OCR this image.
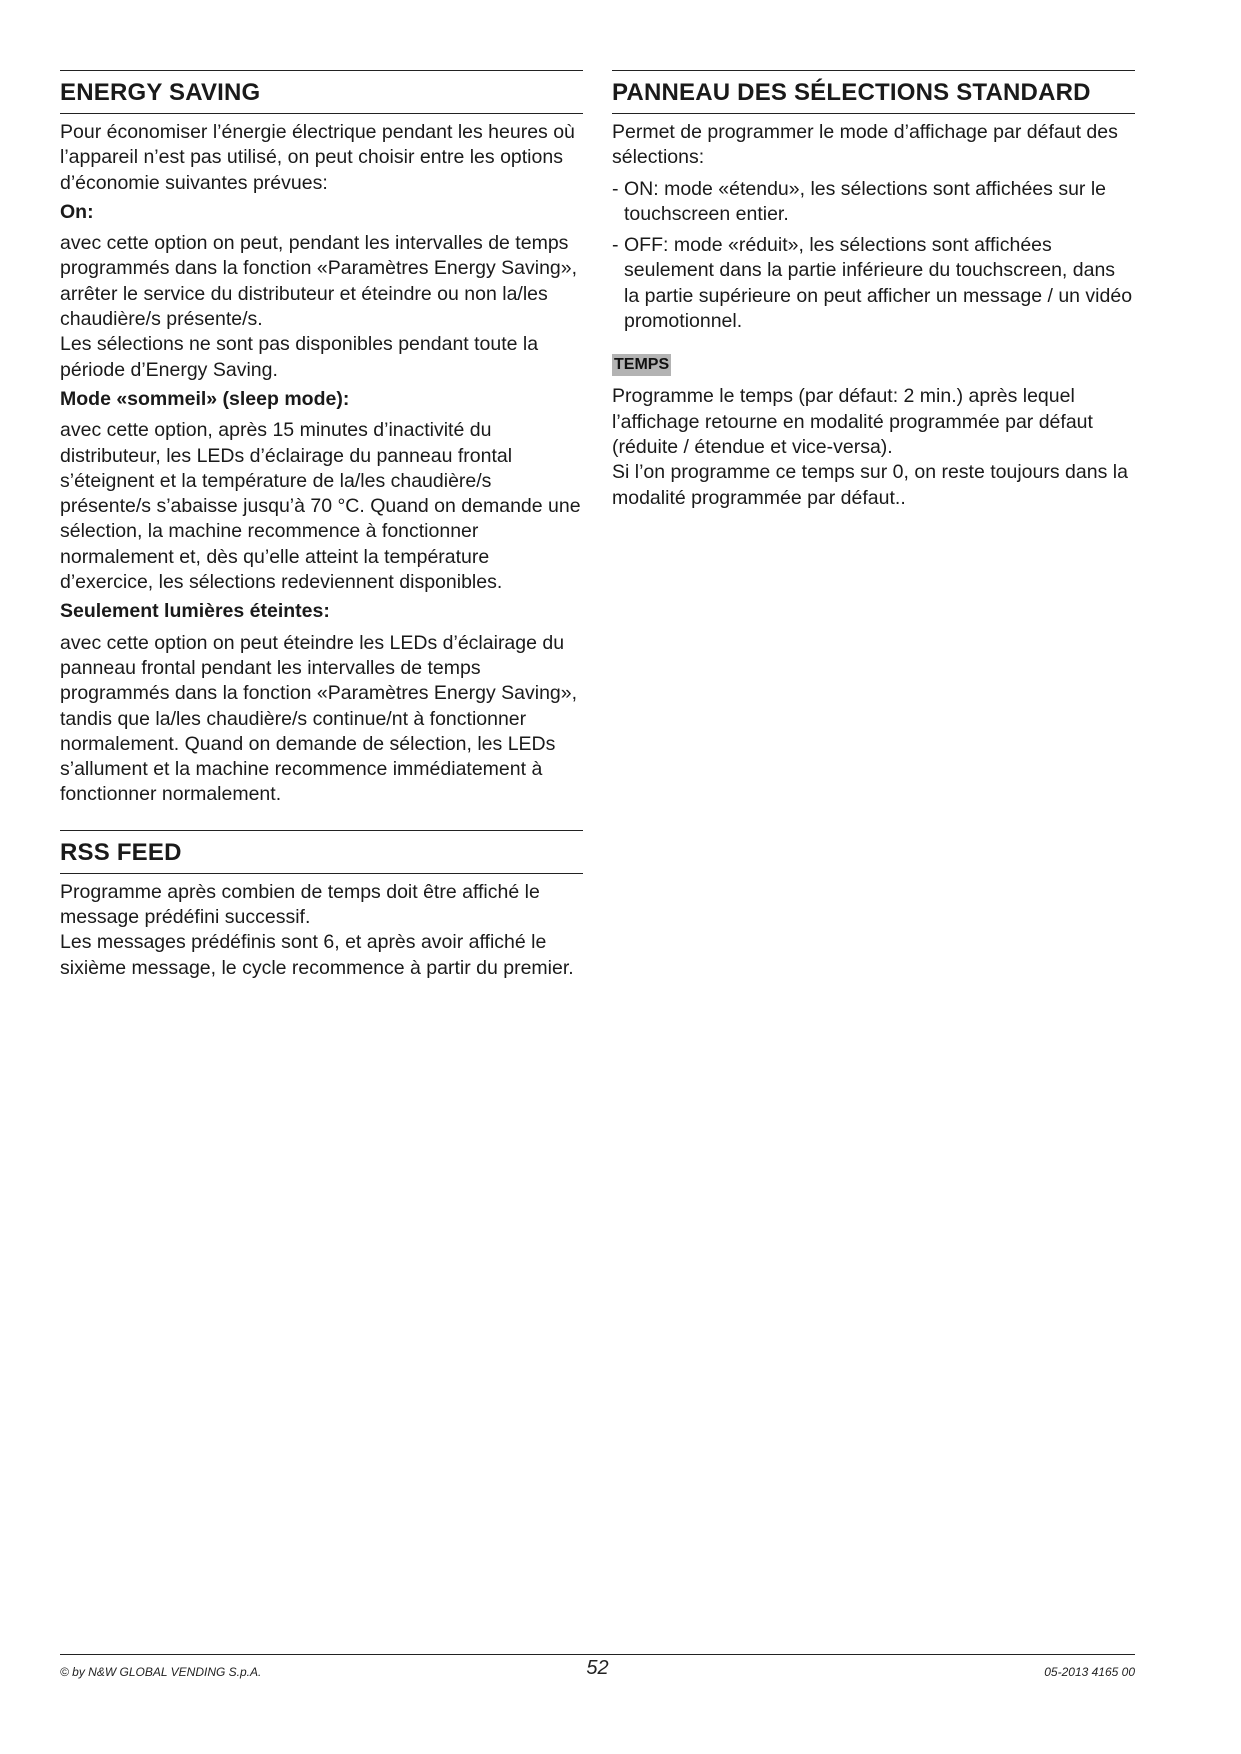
ENERGY SAVING

Pour économiser l’énergie électrique pendant les heures où l’appareil n’est pas utilisé, on peut choisir entre les options d’économie suivantes prévues:

On:

avec cette option on peut, pendant les intervalles de temps programmés dans la fonction «Paramètres Energy Saving», arrêter le service du distributeur et éteindre ou non la/les chaudière/s présente/s.

Les sélections ne sont pas disponibles pendant toute la période d’Energy Saving.

Mode «sommeil» (sleep mode):

avec cette option, après 15 minutes d’inactivité du distributeur, les LEDs d’éclairage du panneau frontal s’éteignent et la température de la/les chaudière/s présente/s s’abaisse jusqu’à 70 °C. Quand on demande une sélection, la machine recommence à fonctionner normalement et, dès qu’elle atteint la température d’exercice, les sélections redeviennent disponibles.

Seulement lumières éteintes:

avec cette option on peut éteindre les LEDs d’éclairage du panneau frontal pendant les intervalles de temps programmés dans la fonction «Paramètres Energy Saving», tandis que la/les chaudière/s continue/nt à fonctionner normalement. Quand on demande de sélection, les LEDs s’allument et la machine recommence immédiatement à fonctionner normalement.

RSS FEED

Programme après combien de temps doit être affiché le message prédéfini successif.

Les messages prédéfinis sont 6, et après avoir affiché le sixième message, le cycle recommence à partir du premier.

PANNEAU DES SÉLECTIONS STANDARD

Permet de programmer le mode d’affichage par défaut des sélections:

- ON: mode «étendu», les sélections sont affichées sur le touchscreen entier.
- OFF: mode «réduit», les sélections sont affichées seulement dans la partie inférieure du touchscreen, dans la partie supérieure on peut afficher un message / un vidéo promotionnel.
TEMPS

Programme le temps (par défaut: 2 min.) après lequel l’affichage retourne en modalité programmée par défaut (réduite / étendue et vice-versa).

Si l’on programme ce temps sur 0, on reste toujours dans la modalité programmée par défaut..

© by N&W GLOBAL VENDING S.p.A.	52	05-2013 4165 00
